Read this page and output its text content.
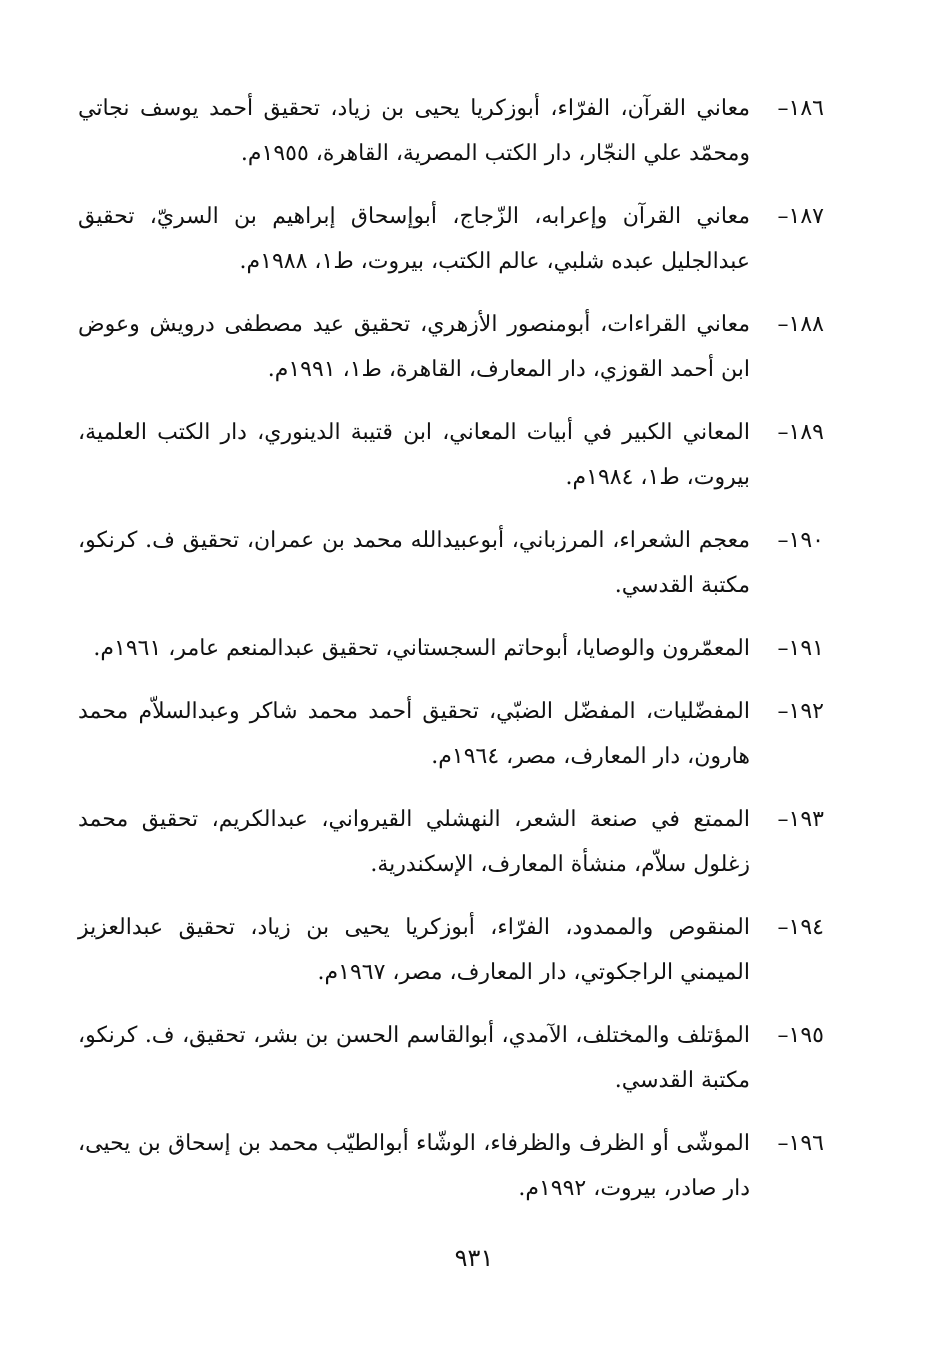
١٨٦–
معاني القرآن، الفرّاء، أبوزكريا يحيى بن زياد، تحقيق أحمد يوسف نجاتي ومحمّد علي النجّار، دار الكتب المصرية، القاهرة، ١٩٥٥م.
١٨٧–
معاني القرآن وإعرابه، الزّجاج، أبوإسحاق إبراهيم بن السريّ، تحقيق عبدالجليل عبده شلبي، عالم الكتب، بيروت، ط١، ١٩٨٨م.
١٨٨–
معاني القراءات، أبومنصور الأزهري، تحقيق عيد مصطفى درويش وعوض ابن أحمد القوزي، دار المعارف، القاهرة، ط١، ١٩٩١م.
١٨٩–
المعاني الكبير في أبيات المعاني، ابن قتيبة الدينوري، دار الكتب العلمية، بيروت، ط١، ١٩٨٤م.
١٩٠–
معجم الشعراء، المرزباني، أبوعبيدالله محمد بن عمران، تحقيق ف. كرنكو، مكتبة القدسي.
١٩١–
المعمّرون والوصايا، أبوحاتم السجستاني، تحقيق عبدالمنعم عامر، ١٩٦١م.
١٩٢–
المفضّليات، المفضّل الضبّي، تحقيق أحمد محمد شاكر وعبدالسلاّم محمد هارون، دار المعارف، مصر، ١٩٦٤م.
١٩٣–
الممتع في صنعة الشعر، النهشلي القيرواني، عبدالكريم، تحقيق محمد زغلول سلاّم، منشأة المعارف، الإسكندرية.
١٩٤–
المنقوص والممدود، الفرّاء، أبوزكريا يحيى بن زياد، تحقيق عبدالعزيز الميمني الراجكوتي، دار المعارف، مصر، ١٩٦٧م.
١٩٥–
المؤتلف والمختلف، الآمدي، أبوالقاسم الحسن بن بشر، تحقيق، ف. كرنكو، مكتبة القدسي.
١٩٦–
الموشّى أو الظرف والظرفاء، الوشّاء أبوالطيّب محمد بن إسحاق بن يحيى، دار صادر، بيروت، ١٩٩٢م.
٩٣١
